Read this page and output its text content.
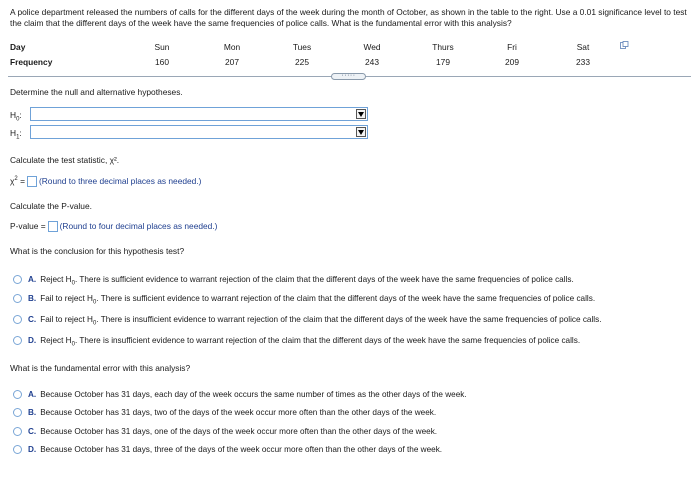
A police department released the numbers of calls for the different days of the week during the month of October, as shown in the table to the right. Use a 0.01 significance level to test the claim that the different days of the week have the same frequencies of police calls. What is the fundamental error with this analysis?
Day	Sun	Mon	Tues	Wed	Thurs	Fri	Sat
Frequency	160	207	225	243	179	209	233
·····
Determine the null and alternative hypotheses.
$H_0$:
$H_1$:
Calculate the test statistic, χ².
$\chi^2$ = (Round to three decimal places as needed.)
Calculate the P-value.
P-value = (Round to four decimal places as needed.)
What is the conclusion for this hypothesis test?
A. Reject $H_0$. There is sufficient evidence to warrant rejection of the claim that the different days of the week have the same frequencies of police calls.
B. Fail to reject $H_0$. There is sufficient evidence to warrant rejection of the claim that the different days of the week have the same frequencies of police calls.
C. Fail to reject $H_0$. There is insufficient evidence to warrant rejection of the claim that the different days of the week have the same frequencies of police calls.
D. Reject $H_0$. There is insufficient evidence to warrant rejection of the claim that the different days of the week have the same frequencies of police calls.
What is the fundamental error with this analysis?
A. Because October has 31 days, each day of the week occurs the same number of times as the other days of the week.
B. Because October has 31 days, two of the days of the week occur more often than the other days of the week.
C. Because October has 31 days, one of the days of the week occur more often than the other days of the week.
D. Because October has 31 days, three of the days of the week occur more often than the other days of the week.
